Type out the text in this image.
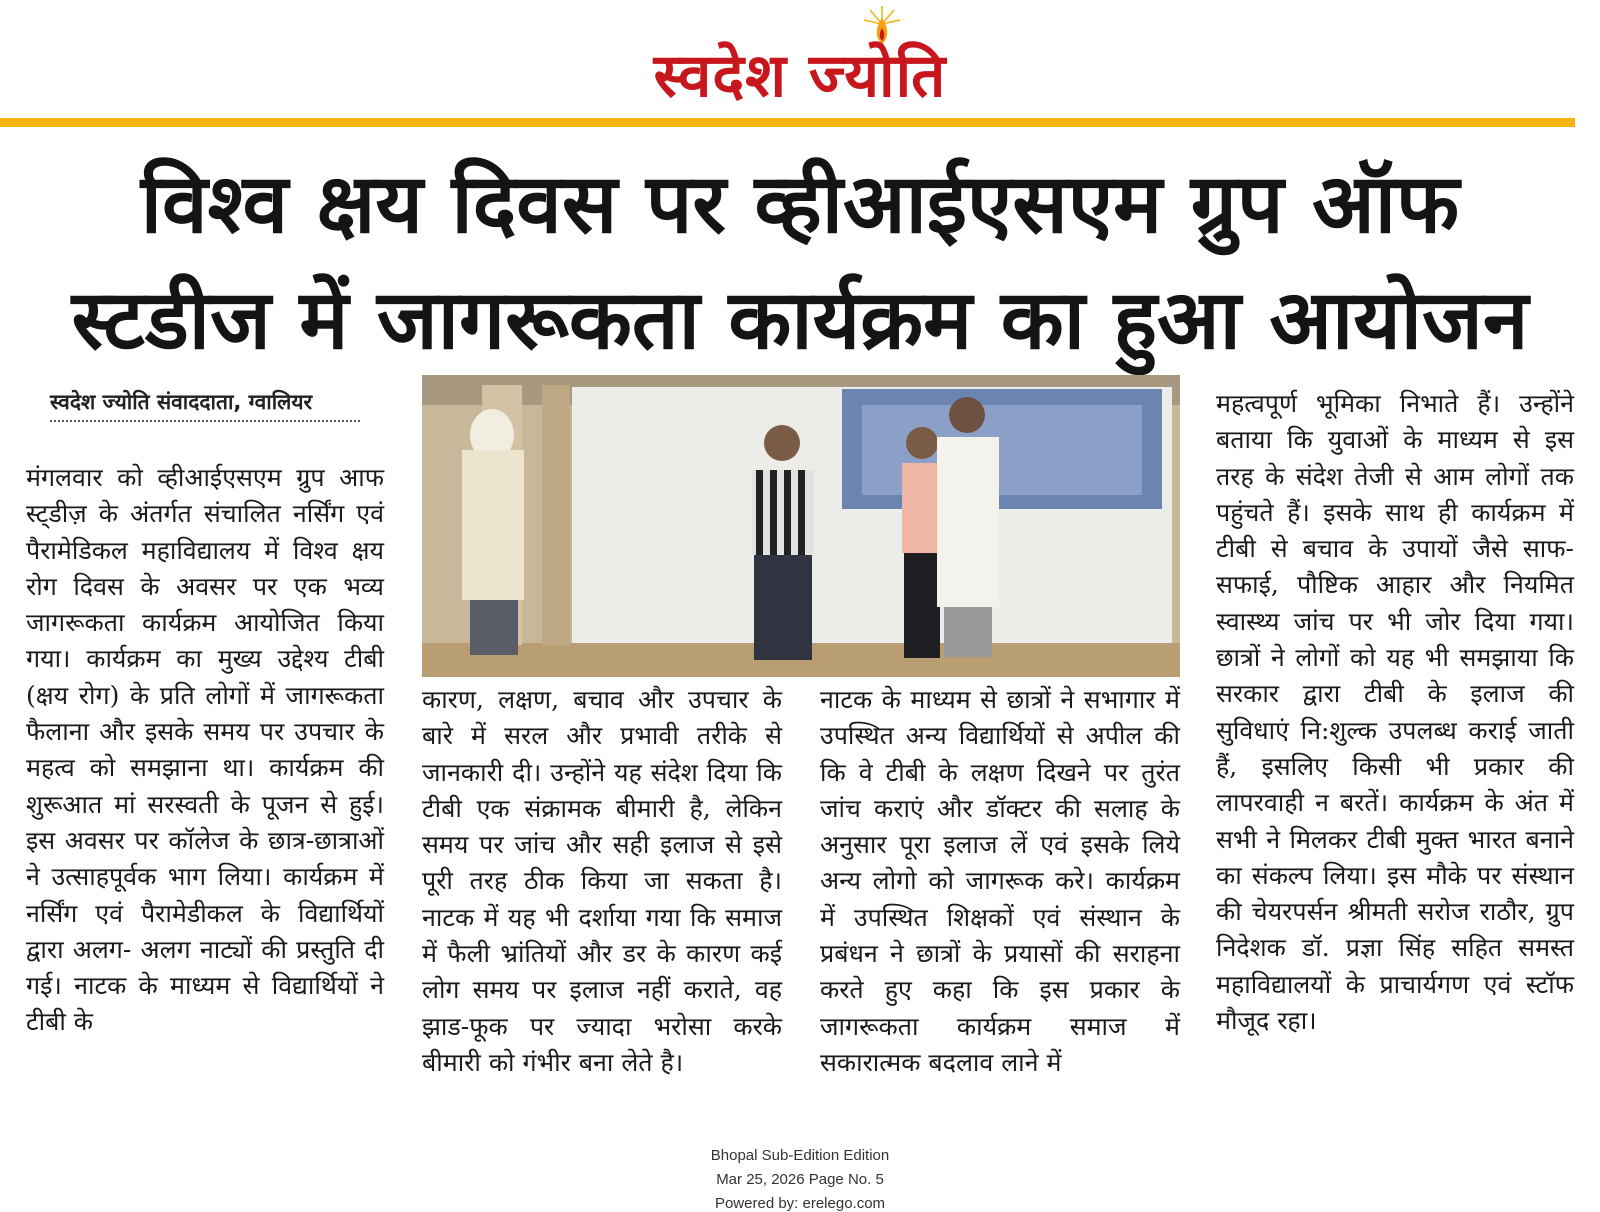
स्वदेश ज्योति
विश्व क्षय दिवस पर व्हीआईएसएम ग्रुप ऑफ
स्टडीज में जागरूकता कार्यक्रम का हुआ आयोजन
स्वदेश ज्योति संवाददाता, ग्वालियर
मंगलवार को व्हीआईएसएम ग्रुप आफ स्ट्डीज़ के अंतर्गत संचालित नर्सिंग एवं पैरामेडिकल महाविद्यालय में विश्व क्षय रोग दिवस के अवसर पर एक भव्य जागरूकता कार्यक्रम आयोजित किया गया। कार्यक्रम का मुख्य उद्देश्य टीबी (क्षय रोग) के प्रति लोगों में जागरूकता फैलाना और इसके समय पर उपचार के महत्व को समझाना था। कार्यक्रम की शुरूआत मां सरस्वती के पूजन से हुई। इस अवसर पर कॉलेज के छात्र-छात्राओं ने उत्साहपूर्वक भाग लिया। कार्यक्रम में नर्सिंग एवं पैरामेडीकल के विद्यार्थियों द्वारा अलग- अलग नाट्यों की प्रस्तुति दी गई। नाटक के माध्यम से विद्यार्थियों ने टीबी के
कारण, लक्षण, बचाव और उपचार के बारे में सरल और प्रभावी तरीके से जानकारी दी। उन्होंने यह संदेश दिया कि टीबी एक संक्रामक बीमारी है, लेकिन समय पर जांच और सही इलाज से इसे पूरी तरह ठीक किया जा सकता है। नाटक में यह भी दर्शाया गया कि समाज में फैली भ्रांतियों और डर के कारण कई लोग समय पर इलाज नहीं कराते, वह झाड-फूक पर ज्यादा भरोसा करके बीमारी को गंभीर बना लेते है।
नाटक के माध्यम से छात्रों ने सभागार में उपस्थित अन्य विद्यार्थियों से अपील की कि वे टीबी के लक्षण दिखने पर तुरंत जांच कराएं और डॉक्टर की सलाह के अनुसार पूरा इलाज लें एवं इसके लिये अन्य लोगो को जागरूक करे। कार्यक्रम में उपस्थित शिक्षकों एवं संस्थान के प्रबंधन ने छात्रों के प्रयासों की सराहना करते हुए कहा कि इस प्रकार के जागरूकता कार्यक्रम समाज में सकारात्मक बदलाव लाने में
महत्वपूर्ण भूमिका निभाते हैं। उन्होंने बताया कि युवाओं के माध्यम से इस तरह के संदेश तेजी से आम लोगों तक पहुंचते हैं। इसके साथ ही कार्यक्रम में टीबी से बचाव के उपायों जैसे साफ-सफाई, पौष्टिक आहार और नियमित स्वास्थ्य जांच पर भी जोर दिया गया। छात्रों ने लोगों को यह भी समझाया कि सरकार द्वारा टीबी के इलाज की सुविधाएं नि:शुल्क उपलब्ध कराई जाती हैं, इसलिए किसी भी प्रकार की लापरवाही न बरतें। कार्यक्रम के अंत में सभी ने मिलकर टीबी मुक्त भारत बनाने का संकल्प लिया। इस मौके पर संस्थान की चेयरपर्सन श्रीमती सरोज राठौर, ग्रुप निदेशक डॉ. प्रज्ञा सिंह सहित समस्त महाविद्यालयों के प्राचार्यगण एवं स्टॉफ मौजूद रहा।
Bhopal Sub-Edition Edition
Mar 25, 2026 Page No. 5
Powered by: erelego.com
